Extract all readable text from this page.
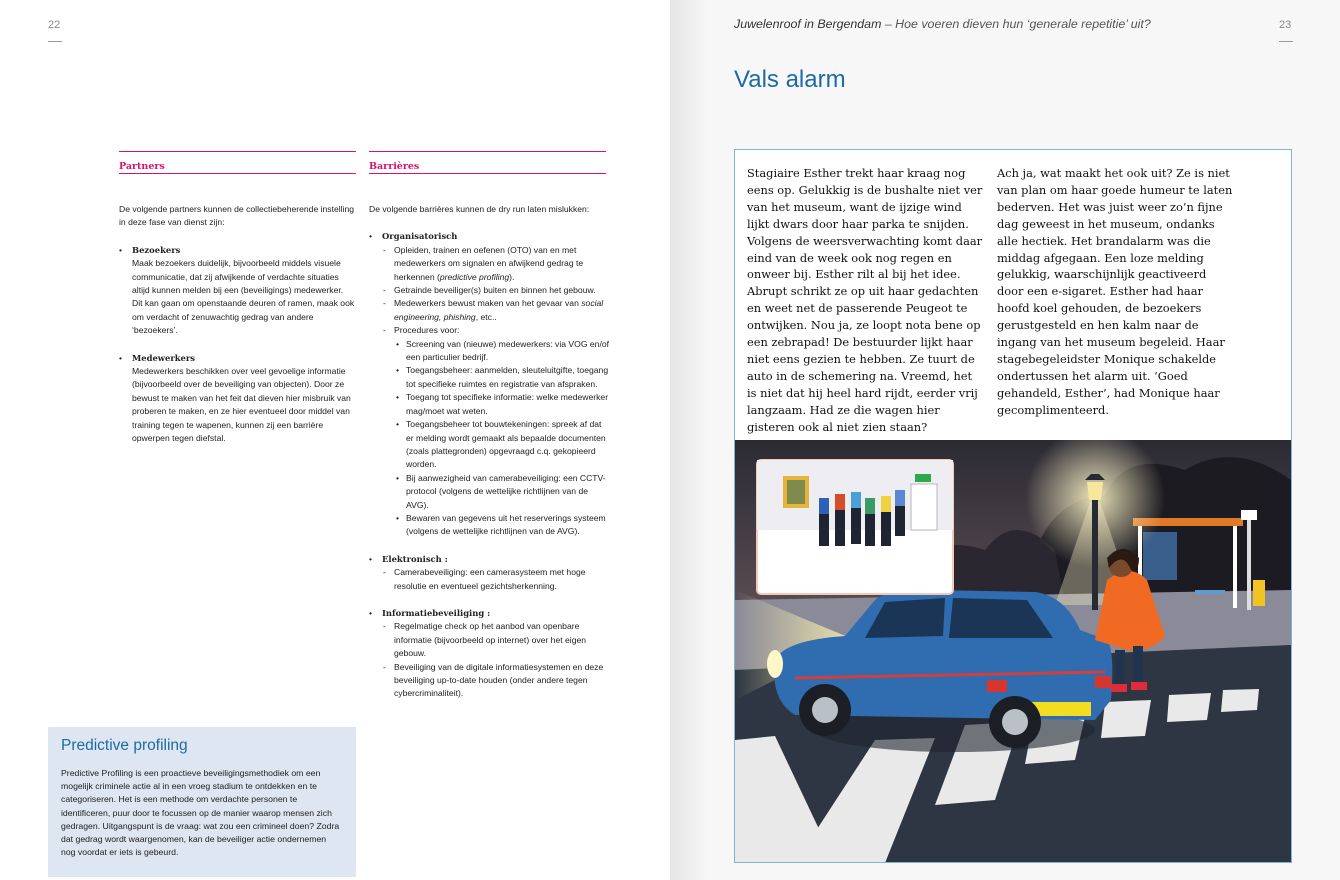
22
Partners

De volgende partners kunnen de collectiebeherende instelling in deze fase van dienst zijn:

• Bezoekers
Maak bezoekers duidelijk, bijvoorbeeld middels visuele communicatie, dat zij afwijkende of verdachte situaties altijd kunnen melden bij een (beveiligings) medewerker. Dit kan gaan om openstaande deuren of ramen, maak ook om verdacht of zenuwachtig gedrag van andere ‘bezoekers’.
• Medewerkers
Medewerkers beschikken over veel gevoelige informatie (bijvoorbeeld over de beveiliging van objecten). Door ze bewust te maken van het feit dat dieven hier misbruik van proberen te maken, en ze hier eventueel door middel van training tegen te wapenen, kunnen zij een barrière opwerpen tegen diefstal.
Barrières

De volgende barrières kunnen de dry run laten mislukken:

• Organisatorisch
- Opleiden, trainen en oefenen (OTO) van en met medewerkers om signalen en afwijkend gedrag te herkennen (predictive profiling).
- Getrainde beveiliger(s) buiten en binnen het gebouw.
- Medewerkers bewust maken van het gevaar van social engineering, phishing, etc..
- Procedures voor:
• Screening van (nieuwe) medewerkers: via VOG en/of een particulier bedrijf.
• Toegangsbeheer: aanmelden, sleuteluitgifte, toegang tot specifieke ruimtes en registratie van afspraken.
• Toegang tot specifieke informatie: welke medewerker mag/moet wat weten.
• Toegangsbeheer tot bouwtekeningen: spreek af dat er melding wordt gemaakt als bepaalde documenten (zoals plattegronden) opgevraagd c.q. gekopieerd worden.
• Bij aanwezigheid van camerabeveiliging: een CCTV-protocol (volgens de wettelijke richtlijnen van de AVG).
• Bewaren van gegevens uit het reserverings systeem (volgens de wettelijke richtlijnen van de AVG).
• Elektronisch :
- Camerabeveiliging: een camerasysteem met hoge resolutie en eventueel gezichtsherkenning.
• Informatiebeveiliging :
- Regelmatige check op het aanbod van openbare informatie (bijvoorbeeld op internet) over het eigen gebouw.
- Beveiliging van de digitale informatiesystemen en deze beveiliging up-to-date houden (onder andere tegen cybercriminaliteit).
Predictive profiling

Predictive Profiling is een proactieve beveiligingsmethodiek om een mogelijk criminele actie al in een vroeg stadium te ontdekken en te categoriseren. Het is een methode om verdachte personen te identificeren, puur door te focussen op de manier waarop mensen zich gedragen. Uitgangspunt is de vraag: wat zou een crimineel doen? Zodra dat gedrag wordt waargenomen, kan de beveiliger actie ondernemen nog voordat er iets is gebeurd.

Juwelenroof in Bergendam – Hoe voeren dieven hun ‘generale repetitie’ uit?	23
Vals alarm
Stagiaire Esther trekt haar kraag nog eens op. Gelukkig is de bushalte niet ver van het museum, want de ijzige wind lijkt dwars door haar parka te snijden. Volgens de weersverwachting komt daar eind van de week ook nog regen en onweer bij. Esther rilt al bij het idee. Abrupt schrikt ze op uit haar gedachten en weet net de passerende Peugeot te ontwijken. Nou ja, ze loopt nota bene op een zebrapad! De bestuurder lijkt haar niet eens gezien te hebben. Ze tuurt de auto in de schemering na. Vreemd, het is niet dat hij heel hard rijdt, eerder vrij langzaam. Had ze die wagen hier gisteren ook al niet zien staan?
Ach ja, wat maakt het ook uit? Ze is niet van plan om haar goede humeur te laten bederven. Het was juist weer zo’n fijne dag geweest in het museum, ondanks alle hectiek. Het brandalarm was die middag afgegaan. Een loze melding gelukkig, waarschijnlijk geactiveerd door een e-sigaret. Esther had haar hoofd koel gehouden, de bezoekers gerustgesteld en hen kalm naar de ingang van het museum begeleid. Haar stagebegeleidster Monique schakelde ondertussen het alarm uit. ‘Goed gehandeld, Esther’, had Monique haar gecomplimenteerd.
